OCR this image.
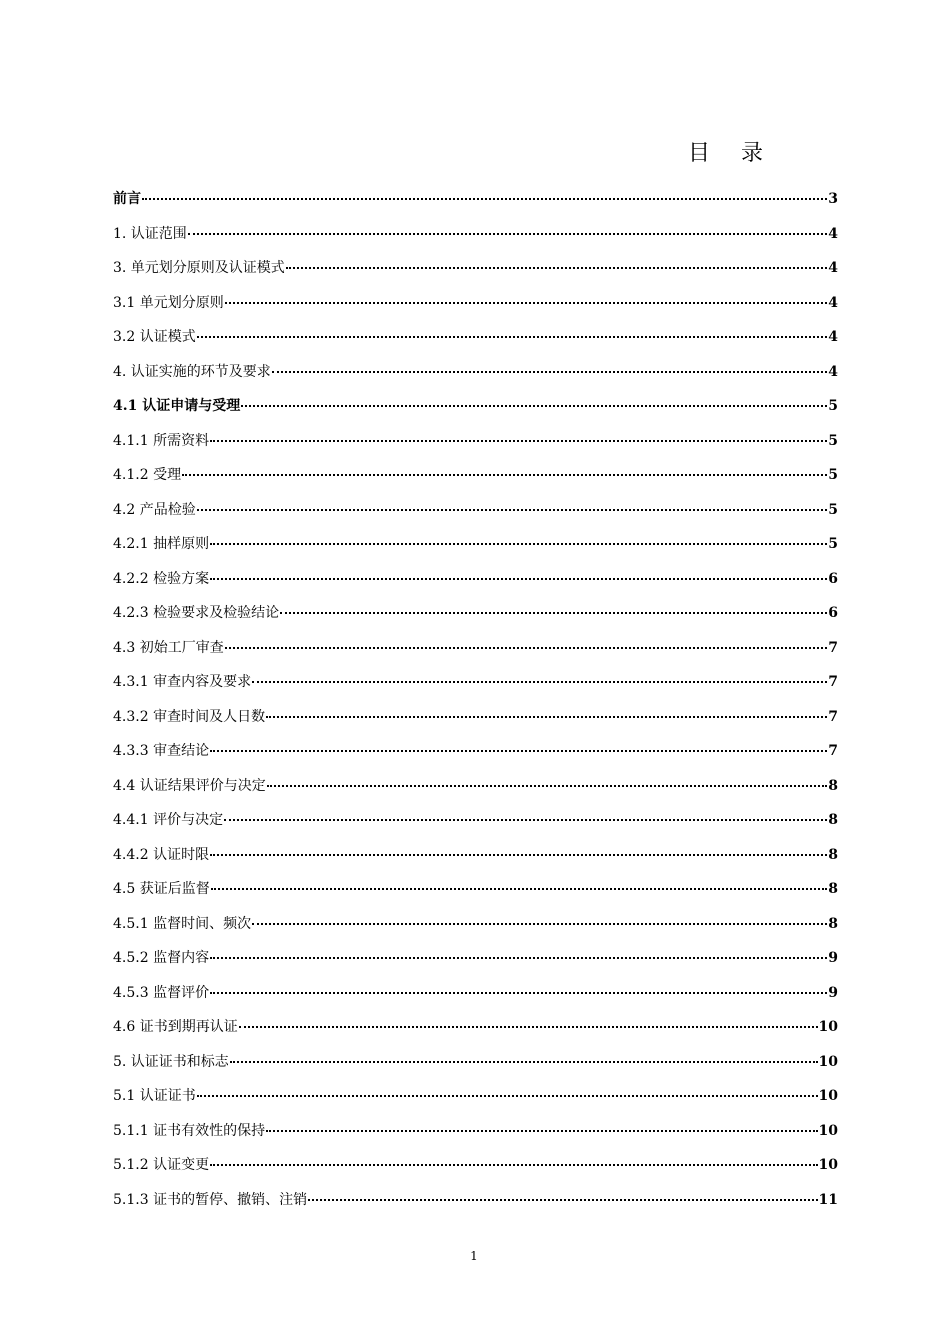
目 录
前言	3
1. 认证范围	4
3. 单元划分原则及认证模式	4
3.1 单元划分原则	4
3.2 认证模式	4
4. 认证实施的环节及要求	4
4.1 认证申请与受理	5
4.1.1 所需资料	5
4.1.2 受理	5
4.2 产品检验	5
4.2.1 抽样原则	5
4.2.2 检验方案	6
4.2.3 检验要求及检验结论	6
4.3 初始工厂审查	7
4.3.1 审查内容及要求	7
4.3.2 审查时间及人日数	7
4.3.3 审查结论	7
4.4 认证结果评价与决定	8
4.4.1 评价与决定	8
4.4.2 认证时限	8
4.5 获证后监督	8
4.5.1 监督时间、频次	8
4.5.2 监督内容	9
4.5.3 监督评价	9
4.6 证书到期再认证	10
5. 认证证书和标志	10
5.1 认证证书	10
5.1.1 证书有效性的保持	10
5.1.2 认证变更	10
5.1.3 证书的暂停、撤销、注销	11
1
